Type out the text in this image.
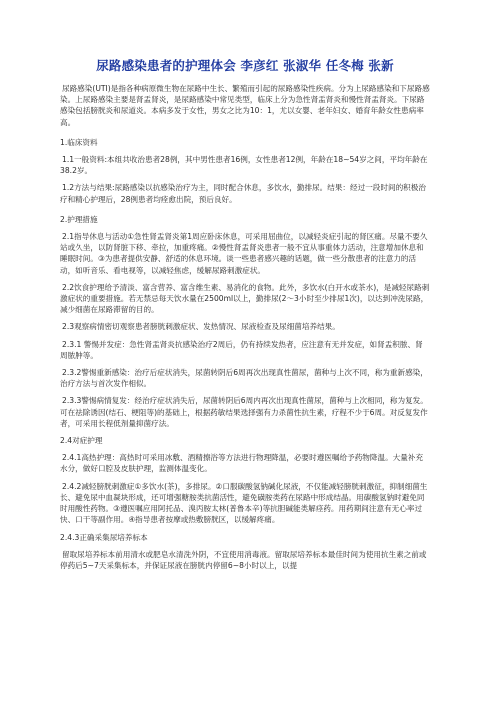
尿路感染患者的护理体会 李彦红 张淑华 任冬梅 张新

尿路感染(UTI)是指各种病原微生物在尿路中生长、繁殖而引起的尿路感染性疾病。分为上尿路感染和下尿路感染。上尿路感染主要是肾盂肾炎，是尿路感染中常见类型，临床上分为急性肾盂肾炎和慢性肾盂肾炎。下尿路感染包括膀胱炎和尿道炎。本病多发于女性，男女之比为10：1，尤以女婴、老年妇女、婚育年龄女性患病率高。

1.临床资料

1.1一般资料:本组共收治患者28例，其中男性患者16例，女性患者12例，年龄在18~54岁之间，平均年龄在38.2岁。

1.2方法与结果:尿路感染以抗感染治疗为主，同时配合休息，多饮水，勤排尿。结果：经过一段时间的积极治疗和精心护理后，28例患者均痊愈出院，预后良好。

2.护理措施

2.1指导休息与活动①急性肾盂肾炎第1周应卧床休息，可采用屈曲位，以减轻炎症引起的肾区痛。尽量不要久站或久坐，以防肾脏下移、牵拉，加重疼痛。②慢性肾盂肾炎患者一般不宜从事重体力活动，注意增加休息和睡眠时间。③为患者提供安静、舒适的休息环境。谈一些患者感兴趣的话题，做一些分散患者的注意力的活动，如听音乐、看电视等，以减轻焦虑，缓解尿路刺激症状。

2.2饮食护理给予清淡、富含营养、富含维生素、易消化的食物。此外，多饮水(白开水或茶水)，是减轻尿路刺激症状的重要措施。若无禁忌每天饮水量在2500ml以上，勤排尿(2～3小时至少排尿1次)，以达到冲洗尿路，减少细菌在尿路滞留的目的。

2.3观察病情密切观察患者膀胱刺激症状、发热情况、尿液检查及尿细菌培养结果。

2.3.1 警惕并发症：急性肾盂肾炎抗感染治疗2周后，仍有持续发热者，应注意有无并发症，如肾盂积脓、肾周脓肿等。

2.3.2警惕重新感染：治疗后症状消失，尿菌转阴后6周再次出现真性菌尿，菌种与上次不同，称为重新感染，治疗方法与首次发作相似。

2.3.3警惕病情复发：经治疗症状消失后，尿菌转阴后6周内再次出现真性菌尿，菌种与上次相同，称为复发。可在祛除诱因(结石、梗阻等)的基础上，根据药敏结果选择强有力杀菌性抗生素，疗程不少于6周。对反复发作者，可采用长程低剂量抑菌疗法。

2.4对症护理

2.4.1高热护理：高热时可采用冰敷、酒精擦浴等方法进行物理降温，必要时遵医嘱给予药物降温。大量补充水分，做好口腔及皮肤护理，监测体温变化。

2.4.2减轻膀胱刺激症①多饮水(茶)，多排尿。②口服碳酸氢钠碱化尿液，不仅能减轻膀胱刺激征，抑制细菌生长、避免尿中血凝块形成，还可增强糖胺类抗菌活性，避免磺胺类药在尿路中形成结晶。用碳酸氢钠时避免同时用酸性药物。③遵医嘱应用阿托品、溴丙胺太林(普鲁本辛)等抗胆碱能类解痉药。用药期间注意有无心率过快、口干等副作用。④指导患者按摩或热敷膀胱区，以缓解疼痛。

2.4.3正确采集尿培养标本

留取尿培养标本前用清水或肥皂水清洗外阴，不宜使用消毒液。留取尿培养标本最佳时间为使用抗生素之前或停药后5~7天采集标本，并保证尿液在膀胱内停留6~8小时以上，以提
